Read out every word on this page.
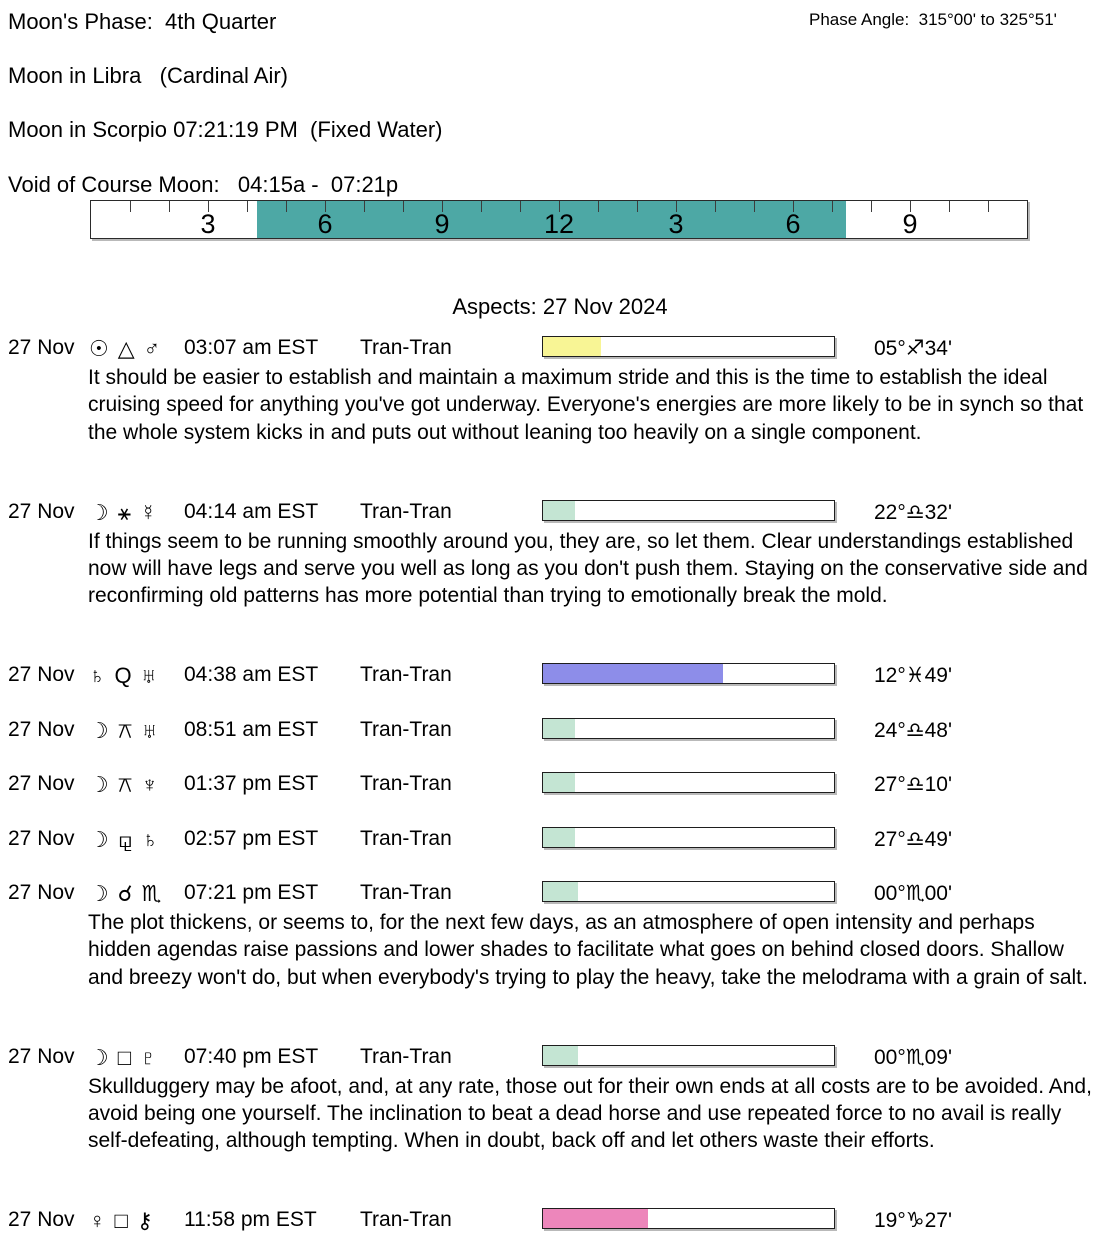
Moon's Phase:  4th Quarter	Phase Angle:  315°00' to 325°51'
Moon in Libra   (Cardinal Air)
Moon in Scorpio 07:21:19 PM  (Fixed Water)
Void of Course Moon:   04:15a -  07:21p
3	6	9	12	3	6	9
Aspects: 27 Nov 2024
27 Nov ☉ △ ♂ 03:07 am EST Tran-Tran	05°♐34'
It should be easier to establish and maintain a maximum stride and this is the time to establish the ideal cruising speed for anything you've got underway. Everyone's energies are more likely to be in synch so that the whole system kicks in and puts out without leaning too heavily on a single component.
27 Nov ☽ ⚹ ☿ 04:14 am EST Tran-Tran	22°♎32'
If things seem to be running smoothly around you, they are, so let them. Clear understandings established now will have legs and serve you well as long as you don't push them. Staying on the conservative side and reconfirming old patterns has more potential than trying to emotionally break the mold.
27 Nov ♄ Q ♅ 04:38 am EST Tran-Tran	12°♓49'
27 Nov ☽ ⚻ ♅ 08:51 am EST Tran-Tran	24°♎48'
27 Nov ☽ ⚻ ♆ 01:37 pm EST Tran-Tran	27°♎10'
27 Nov ☽ ⚼ ♄ 02:57 pm EST Tran-Tran	27°♎49'
27 Nov ☽ ☌ ♏ 07:21 pm EST Tran-Tran	00°♏00'
The plot thickens, or seems to, for the next few days, as an atmosphere of open intensity and perhaps hidden agendas raise passions and lower shades to facilitate what goes on behind closed doors. Shallow and breezy won't do, but when everybody's trying to play the heavy, take the melodrama with a grain of salt.
27 Nov ☽ □ ♇ 07:40 pm EST Tran-Tran	00°♏09'
Skullduggery may be afoot, and, at any rate, those out for their own ends at all costs are to be avoided. And, avoid being one yourself. The inclination to beat a dead horse and use repeated force to no avail is really self-defeating, although tempting. When in doubt, back off and let others waste their efforts.
27 Nov ♀ □ ⚷ 11:58 pm EST Tran-Tran	19°♑27'
